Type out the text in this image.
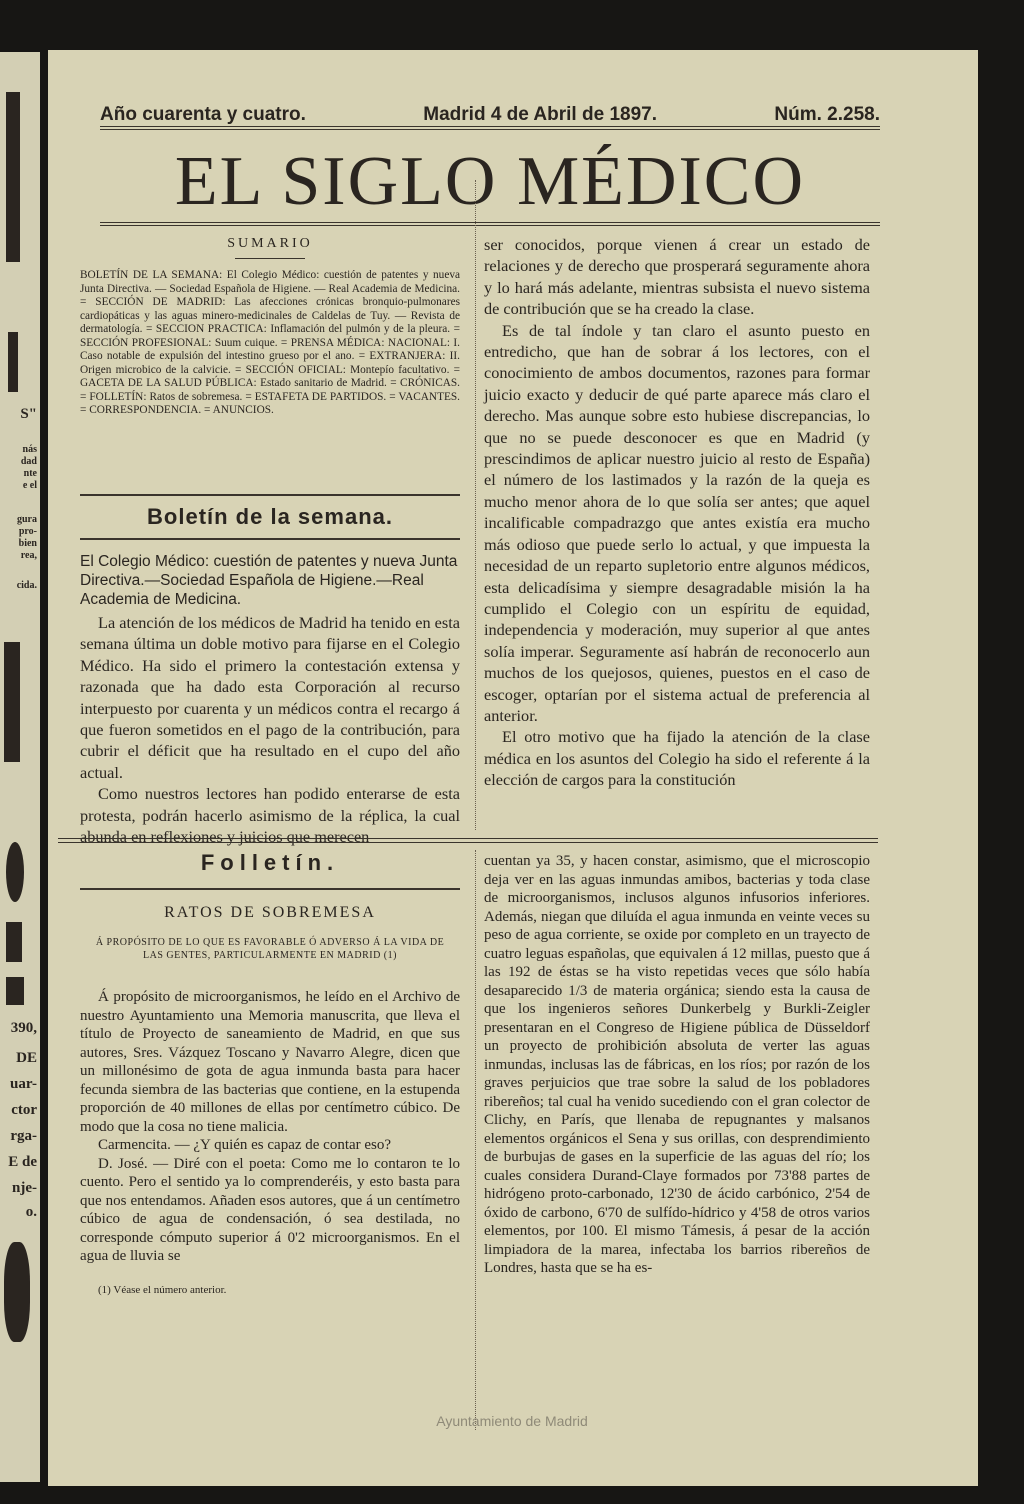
S"
nás
dad
nte
e el
gura
pro-
bien
rea,
cida.
390,
DE
uar-
ctor
rga-
E de
nje-
o.
Año cuarenta y cuatro.	Madrid 4 de Abril de 1897.	Núm. 2.258.
EL SIGLO MÉDICO
SUMARIO
BOLETÍN DE LA SEMANA: El Colegio Médico: cuestión de patentes y nueva Junta Directiva. — Sociedad Española de Higiene. — Real Academia de Medicina. = SECCIÓN DE MADRID: Las afecciones crónicas bronquio-pulmonares cardiopáticas y las aguas minero-medicinales de Caldelas de Tuy. — Revista de dermatología. = SECCION PRACTICA: Inflamación del pulmón y de la pleura. = SECCIÓN PROFESIONAL: Suum cuique. = PRENSA MÉDICA: NACIONAL: I. Caso notable de expulsión del intestino grueso por el ano. = EXTRANJERA: II. Origen microbico de la calvicie. = SECCIÓN OFICIAL: Montepío facultativo. = GACETA DE LA SALUD PÚBLICA: Estado sanitario de Madrid. = CRÓNICAS. = FOLLETÍN: Ratos de sobremesa. = ESTAFETA DE PARTIDOS. = VACANTES. = CORRESPONDENCIA. = ANUNCIOS.
Boletín de la semana.
El Colegio Médico: cuestión de patentes y nueva Junta Directiva.—Sociedad Española de Higiene.—Real Academia de Medicina.

La atención de los médicos de Madrid ha tenido en esta semana última un doble motivo para fijarse en el Colegio Médico. Ha sido el primero la contestación extensa y razonada que ha dado esta Corporación al recurso interpuesto por cuarenta y un médicos contra el recargo á que fueron sometidos en el pago de la contribución, para cubrir el déficit que ha resultado en el cupo del año actual.

Como nuestros lectores han podido enterarse de esta protesta, podrán hacerlo asimismo de la réplica, la cual abunda en reflexiones y juicios que merecen

Folletín.
RATOS DE SOBREMESA
Á PROPÓSITO DE LO QUE ES FAVORABLE Ó ADVERSO Á LA VIDA DE LAS GENTES, PARTICULARMENTE EN MADRID (1)

Á propósito de microorganismos, he leído en el Archivo de nuestro Ayuntamiento una Memoria manuscrita, que lleva el título de Proyecto de saneamiento de Madrid, en que sus autores, Sres. Vázquez Toscano y Navarro Alegre, dicen que un millonésimo de gota de agua inmunda basta para hacer fecunda siembra de las bacterias que contiene, en la estupenda proporción de 40 millones de ellas por centímetro cúbico. De modo que la cosa no tiene malicia.

Carmencita. — ¿Y quién es capaz de contar eso?

D. José. — Diré con el poeta: Como me lo contaron te lo cuento. Pero el sentido ya lo comprenderéis, y esto basta para que nos entendamos. Añaden esos autores, que á un centímetro cúbico de agua de condensación, ó sea destilada, no corresponde cómputo superior á 0'2 microorganismos. En el agua de lluvia se

(1) Véase el número anterior.

ser conocidos, porque vienen á crear un estado de relaciones y de derecho que prosperará seguramente ahora y lo hará más adelante, mientras subsista el nuevo sistema de contribución que se ha creado la clase.

Es de tal índole y tan claro el asunto puesto en entredicho, que han de sobrar á los lectores, con el conocimiento de ambos documentos, razones para formar juicio exacto y deducir de qué parte aparece más claro el derecho. Mas aunque sobre esto hubiese discrepancias, lo que no se puede desconocer es que en Madrid (y prescindimos de aplicar nuestro juicio al resto de España) el número de los lastimados y la razón de la queja es mucho menor ahora de lo que solía ser antes; que aquel incalificable compadrazgo que antes existía era mucho más odioso que puede serlo lo actual, y que impuesta la necesidad de un reparto supletorio entre algunos médicos, esta delicadísima y siempre desagradable misión la ha cumplido el Colegio con un espíritu de equidad, independencia y moderación, muy superior al que antes solía imperar. Seguramente así habrán de reconocerlo aun muchos de los quejosos, quienes, puestos en el caso de escoger, optarían por el sistema actual de preferencia al anterior.

El otro motivo que ha fijado la atención de la clase médica en los asuntos del Colegio ha sido el referente á la elección de cargos para la constitución

cuentan ya 35, y hacen constar, asimismo, que el microscopio deja ver en las aguas inmundas amibos, bacterias y toda clase de microorganismos, inclusos algunos infusorios inferiores. Además, niegan que diluída el agua inmunda en veinte veces su peso de agua corriente, se oxide por completo en un trayecto de cuatro leguas españolas, que equivalen á 12 millas, puesto que á las 192 de éstas se ha visto repetidas veces que sólo había desaparecido 1/3 de materia orgánica; siendo esta la causa de que los ingenieros señores Dunkerbelg y Burkli-Zeigler presentaran en el Congreso de Higiene pública de Düsseldorf un proyecto de prohibición absoluta de verter las aguas inmundas, inclusas las de fábricas, en los ríos; por razón de los graves perjuicios que trae sobre la salud de los pobladores ribereños; tal cual ha venido sucediendo con el gran colector de Clichy, en París, que llenaba de repugnantes y malsanos elementos orgánicos el Sena y sus orillas, con desprendimiento de burbujas de gases en la superficie de las aguas del río; los cuales considera Durand-Claye formados por 73'88 partes de hidrógeno proto-carbonado, 12'30 de ácido carbónico, 2'54 de óxido de carbono, 6'70 de sulfído-hídrico y 4'58 de otros varios elementos, por 100. El mismo Támesis, á pesar de la acción limpiadora de la marea, infectaba los barrios ribereños de Londres, hasta que se ha es-
Ayuntamiento de Madrid
